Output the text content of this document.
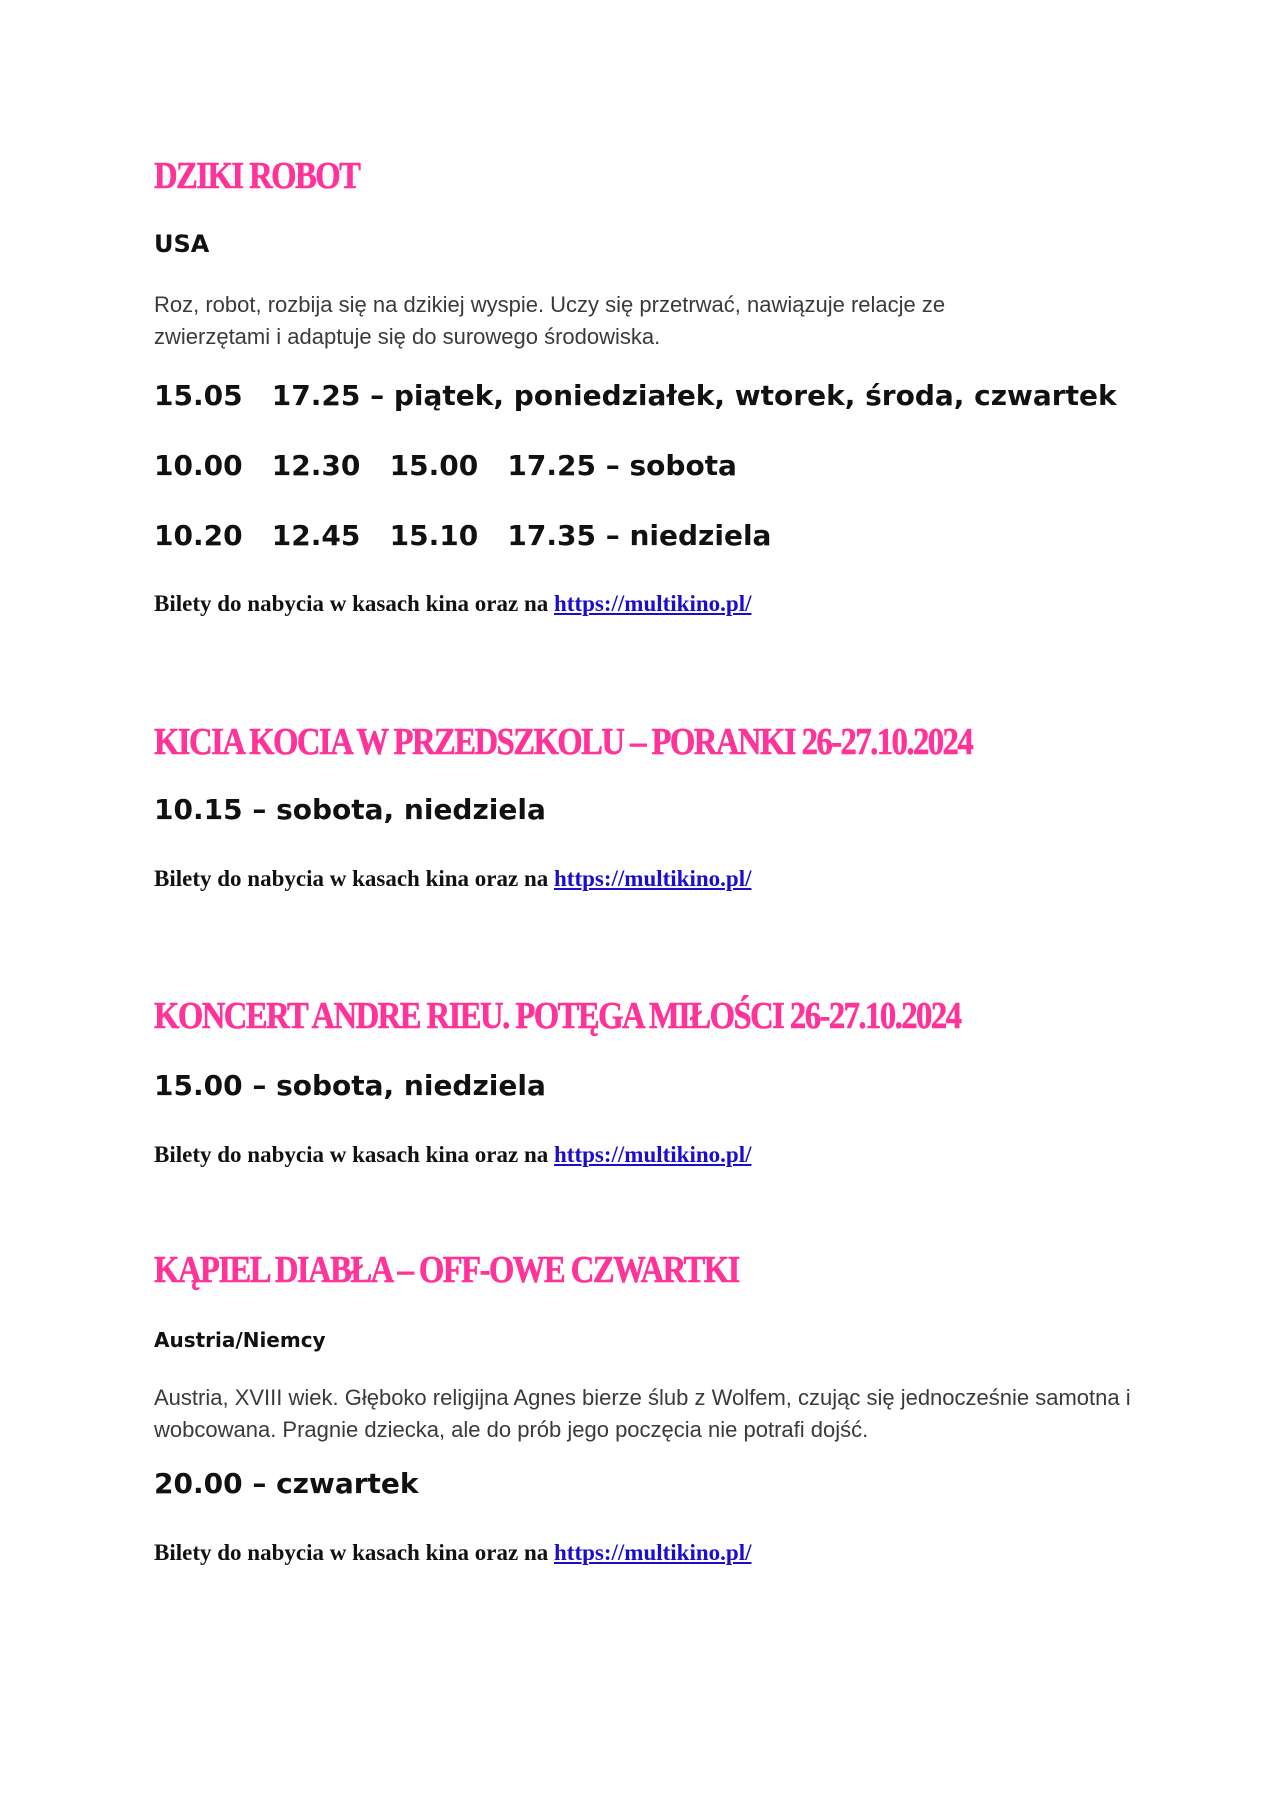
DZIKI ROBOT

USA

Roz, robot, rozbija się na dzikiej wyspie. Uczy się przetrwać, nawiązuje relacje ze zwierzętami i adaptuje się do surowego środowiska.

15.05   17.25 – piątek, poniedziałek, wtorek, środa, czwartek

10.00   12.30   15.00   17.25 – sobota

10.20   12.45   15.10   17.35 – niedziela

Bilety do nabycia w kasach kina oraz na https://multikino.pl/

KICIA KOCIA W PRZEDSZKOLU – PORANKI 26-27.10.2024

10.15 – sobota, niedziela

Bilety do nabycia w kasach kina oraz na https://multikino.pl/

KONCERT ANDRE RIEU. POTĘGA MIŁOŚCI 26-27.10.2024

15.00 – sobota, niedziela

Bilety do nabycia w kasach kina oraz na https://multikino.pl/

KĄPIEL DIABŁA – OFF-OWE CZWARTKI

Austria/Niemcy

Austria, XVIII wiek. Głęboko religijna Agnes bierze ślub z Wolfem, czując się jednocześnie samotna i wobcowana. Pragnie dziecka, ale do prób jego poczęcia nie potrafi dojść.

20.00 – czwartek

Bilety do nabycia w kasach kina oraz na https://multikino.pl/
